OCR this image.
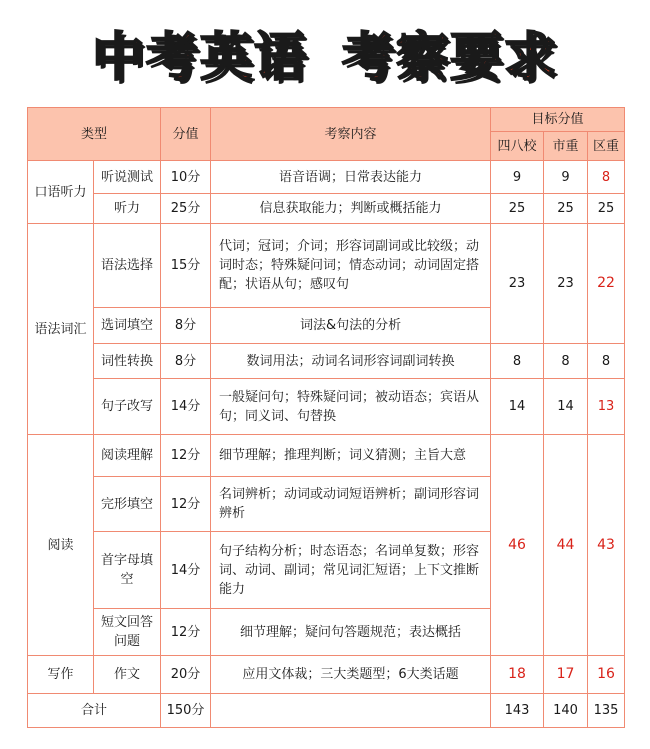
中考英语 考察要求
类型		分值	考察内容	目标分值		
				四八校	市重	区重
口语听力	听说测试	10分	语音语调；日常表达能力	9	9	8
	听力	25分	信息获取能力；判断或概括能力	25	25	25
语法词汇	语法选择	15分	代词；冠词；介词；形容词副词或比较级；动词时态；特殊疑问词；情态动词；动词固定搭配；状语从句；感叹句	23	23	22
	选词填空	8分	词法&句法的分析			
	词性转换	8分	数词用法；动词名词形容词副词转换	8	8	8
	句子改写	14分	一般疑问句；特殊疑问词；被动语态；宾语从句；同义词、句替换	14	14	13
阅读	阅读理解	12分	细节理解；推理判断；词义猜测；主旨大意	46	44	43
	完形填空	12分	名词辨析；动词或动词短语辨析；副词形容词辨析			
	首字母填空	14分	句子结构分析；时态语态；名词单复数；形容词、动词、副词；常见词汇短语；上下文推断能力			
	短文回答问题	12分	细节理解；疑问句答题规范；表达概括			
写作	作文	20分	应用文体裁；三大类题型；6大类话题	18	17	16
合计		150分		143	140	135
